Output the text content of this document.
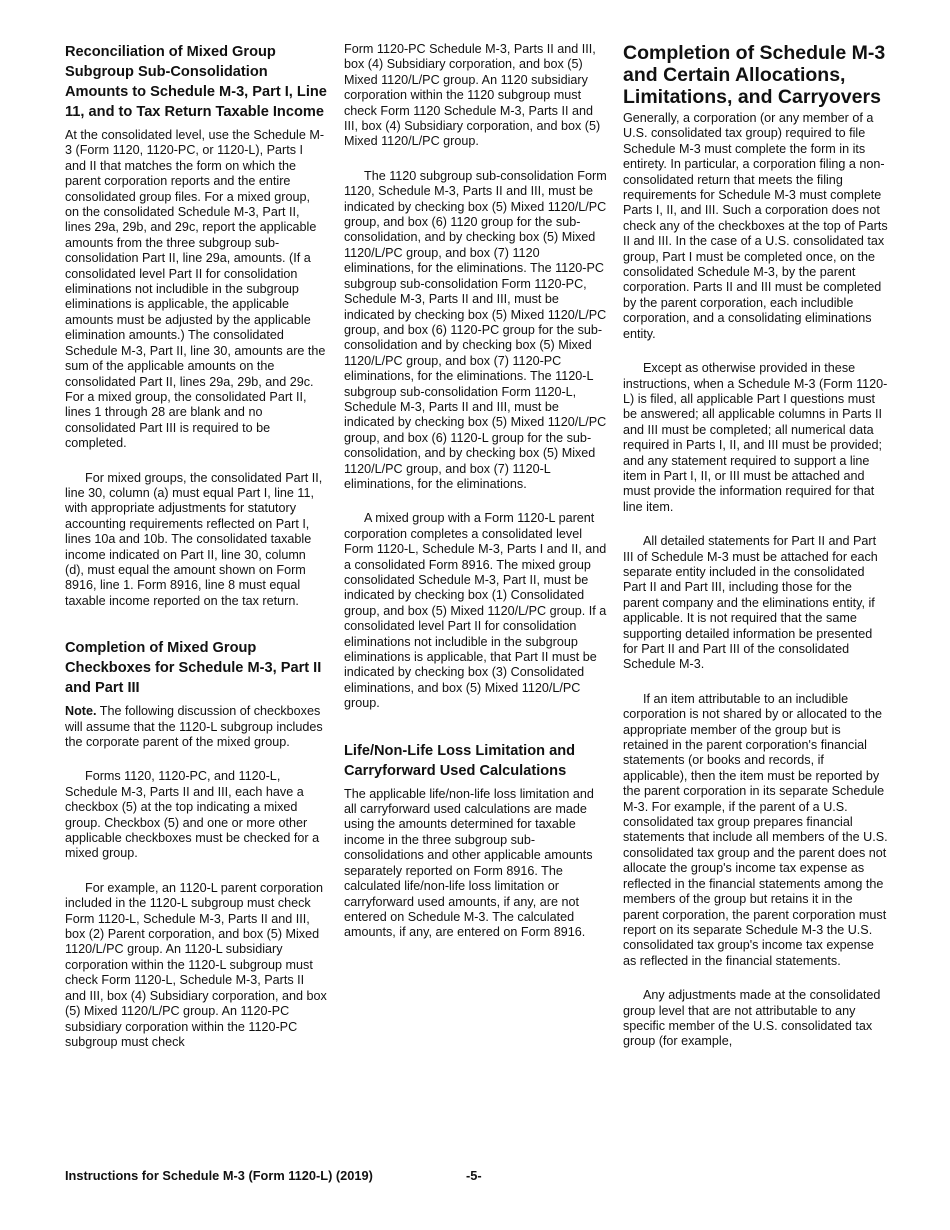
Reconciliation of Mixed Group Subgroup Sub-Consolidation Amounts to Schedule M-3, Part I, Line 11, and to Tax Return Taxable Income

At the consolidated level, use the Schedule M-3 (Form 1120, 1120-PC, or 1120-L), Parts I and II that matches the form on which the parent corporation reports and the entire consolidated group files. For a mixed group, on the consolidated Schedule M-3, Part II, lines 29a, 29b, and 29c, report the applicable amounts from the three subgroup sub-consolidation Part II, line 29a, amounts. (If a consolidated level Part II for consolidation eliminations not includible in the subgroup eliminations is applicable, the applicable amounts must be adjusted by the applicable elimination amounts.) The consolidated Schedule M-3, Part II, line 30, amounts are the sum of the applicable amounts on the consolidated Part II, lines 29a, 29b, and 29c. For a mixed group, the consolidated Part II, lines 1 through 28 are blank and no consolidated Part III is required to be completed.

For mixed groups, the consolidated Part II, line 30, column (a) must equal Part I, line 11, with appropriate adjustments for statutory accounting requirements reflected on Part I, lines 10a and 10b. The consolidated taxable income indicated on Part II, line 30, column (d), must equal the amount shown on Form 8916, line 1. Form 8916, line 8 must equal taxable income reported on the tax return.

Completion of Mixed Group Checkboxes for Schedule M-3, Part II and Part III

Note. The following discussion of checkboxes will assume that the 1120-L subgroup includes the corporate parent of the mixed group.

Forms 1120, 1120-PC, and 1120-L, Schedule M-3, Parts II and III, each have a checkbox (5) at the top indicating a mixed group. Checkbox (5) and one or more other applicable checkboxes must be checked for a mixed group.

For example, an 1120-L parent corporation included in the 1120-L subgroup must check Form 1120-L, Schedule M-3, Parts II and III, box (2) Parent corporation, and box (5) Mixed 1120/L/PC group. An 1120-L subsidiary corporation within the 1120-L subgroup must check Form 1120-L, Schedule M-3, Parts II and III, box (4) Subsidiary corporation, and box (5) Mixed 1120/L/PC group. An 1120-PC subsidiary corporation within the 1120-PC subgroup must check

Form 1120-PC Schedule M-3, Parts II and III, box (4) Subsidiary corporation, and box (5) Mixed 1120/L/PC group. An 1120 subsidiary corporation within the 1120 subgroup must check Form 1120 Schedule M-3, Parts II and III, box (4) Subsidiary corporation, and box (5) Mixed 1120/L/PC group.

The 1120 subgroup sub-consolidation Form 1120, Schedule M-3, Parts II and III, must be indicated by checking box (5) Mixed 1120/L/PC group, and box (6) 1120 group for the sub-consolidation, and by checking box (5) Mixed 1120/L/PC group, and box (7) 1120 eliminations, for the eliminations. The 1120-PC subgroup sub-consolidation Form 1120-PC, Schedule M-3, Parts II and III, must be indicated by checking box (5) Mixed 1120/L/PC group, and box (6) 1120-PC group for the sub-consolidation and by checking box (5) Mixed 1120/L/PC group, and box (7) 1120-PC eliminations, for the eliminations. The 1120-L subgroup sub-consolidation Form 1120-L, Schedule M-3, Parts II and III, must be indicated by checking box (5) Mixed 1120/L/PC group, and box (6) 1120-L group for the sub-consolidation, and by checking box (5) Mixed 1120/L/PC group, and box (7) 1120-L eliminations, for the eliminations.

A mixed group with a Form 1120-L parent corporation completes a consolidated level Form 1120-L, Schedule M-3, Parts I and II, and a consolidated Form 8916. The mixed group consolidated Schedule M-3, Part II, must be indicated by checking box (1) Consolidated group, and box (5) Mixed 1120/L/PC group. If a consolidated level Part II for consolidation eliminations not includible in the subgroup eliminations is applicable, that Part II must be indicated by checking box (3) Consolidated eliminations, and box (5) Mixed 1120/L/PC group.

Life/Non-Life Loss Limitation and Carryforward Used Calculations

The applicable life/non-life loss limitation and all carryforward used calculations are made using the amounts determined for taxable income in the three subgroup sub-consolidations and other applicable amounts separately reported on Form 8916. The calculated life/non-life loss limitation or carryforward used amounts, if any, are not entered on Schedule M-3. The calculated amounts, if any, are entered on Form 8916.

Completion of Schedule M-3 and Certain Allocations, Limitations, and Carryovers

Generally, a corporation (or any member of a U.S. consolidated tax group) required to file Schedule M-3 must complete the form in its entirety. In particular, a corporation filing a non-consolidated return that meets the filing requirements for Schedule M-3 must complete Parts I, II, and III. Such a corporation does not check any of the checkboxes at the top of Parts II and III. In the case of a U.S. consolidated tax group, Part I must be completed once, on the consolidated Schedule M-3, by the parent corporation. Parts II and III must be completed by the parent corporation, each includible corporation, and a consolidating eliminations entity.

Except as otherwise provided in these instructions, when a Schedule M-3 (Form 1120-L) is filed, all applicable Part I questions must be answered; all applicable columns in Parts II and III must be completed; all numerical data required in Parts I, II, and III must be provided; and any statement required to support a line item in Part I, II, or III must be attached and must provide the information required for that line item.

All detailed statements for Part II and Part III of Schedule M-3 must be attached for each separate entity included in the consolidated Part II and Part III, including those for the parent company and the eliminations entity, if applicable. It is not required that the same supporting detailed information be presented for Part II and Part III of the consolidated Schedule M-3.

If an item attributable to an includible corporation is not shared by or allocated to the appropriate member of the group but is retained in the parent corporation's financial statements (or books and records, if applicable), then the item must be reported by the parent corporation in its separate Schedule M-3. For example, if the parent of a U.S. consolidated tax group prepares financial statements that include all members of the U.S. consolidated tax group and the parent does not allocate the group's income tax expense as reflected in the financial statements among the members of the group but retains it in the parent corporation, the parent corporation must report on its separate Schedule M-3 the U.S. consolidated tax group's income tax expense as reflected in the financial statements.

Any adjustments made at the consolidated group level that are not attributable to any specific member of the U.S. consolidated tax group (for example,

Instructions for Schedule M-3 (Form 1120-L) (2019)	-5-
